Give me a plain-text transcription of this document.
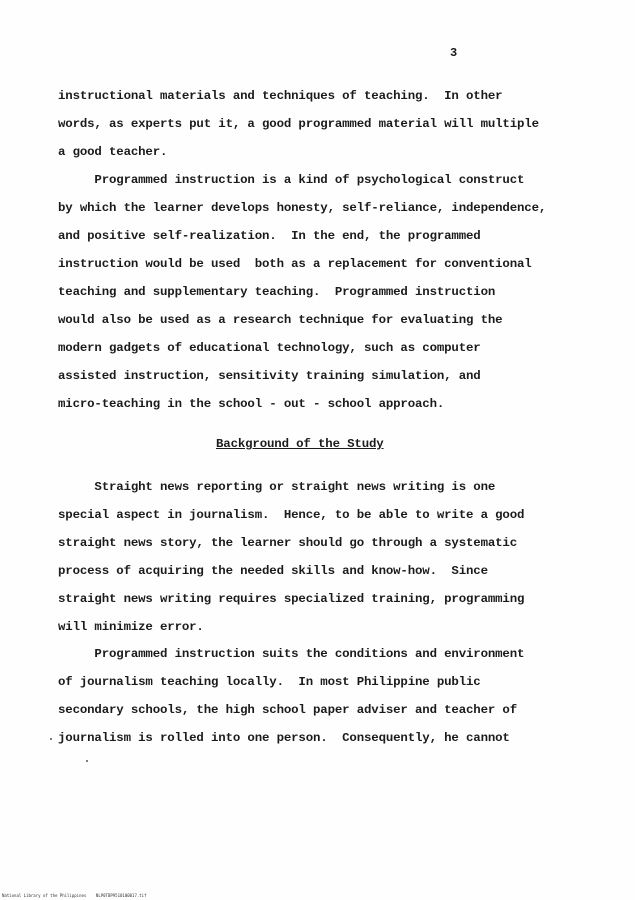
3
instructional materials and techniques of teaching.  In other
words, as experts put it, a good programmed material will multiple
a good teacher.
Programmed instruction is a kind of psychological construct
by which the learner develops honesty, self-reliance, independence,
and positive self-realization.  In the end, the programmed
instruction would be used  both as a replacement for conventional
teaching and supplementary teaching.  Programmed instruction
would also be used as a research technique for evaluating the
modern gadgets of educational technology, such as computer
assisted instruction, sensitivity training simulation, and
micro-teaching in the school - out - school approach.
Background of the Study
Straight news reporting or straight news writing is one
special aspect in journalism.  Hence, to be able to write a good
straight news story, the learner should go through a systematic
process of acquiring the needed skills and know-how.  Since
straight news writing requires specialized training, programming
will minimize error.
Programmed instruction suits the conditions and environment
of journalism teaching locally.  In most Philippine public
secondary schools, the high school paper adviser and teacher of
journalism is rolled into one person.  Consequently, he cannot
National Library of the Philippines    NLP0TBP9510100017.tif
